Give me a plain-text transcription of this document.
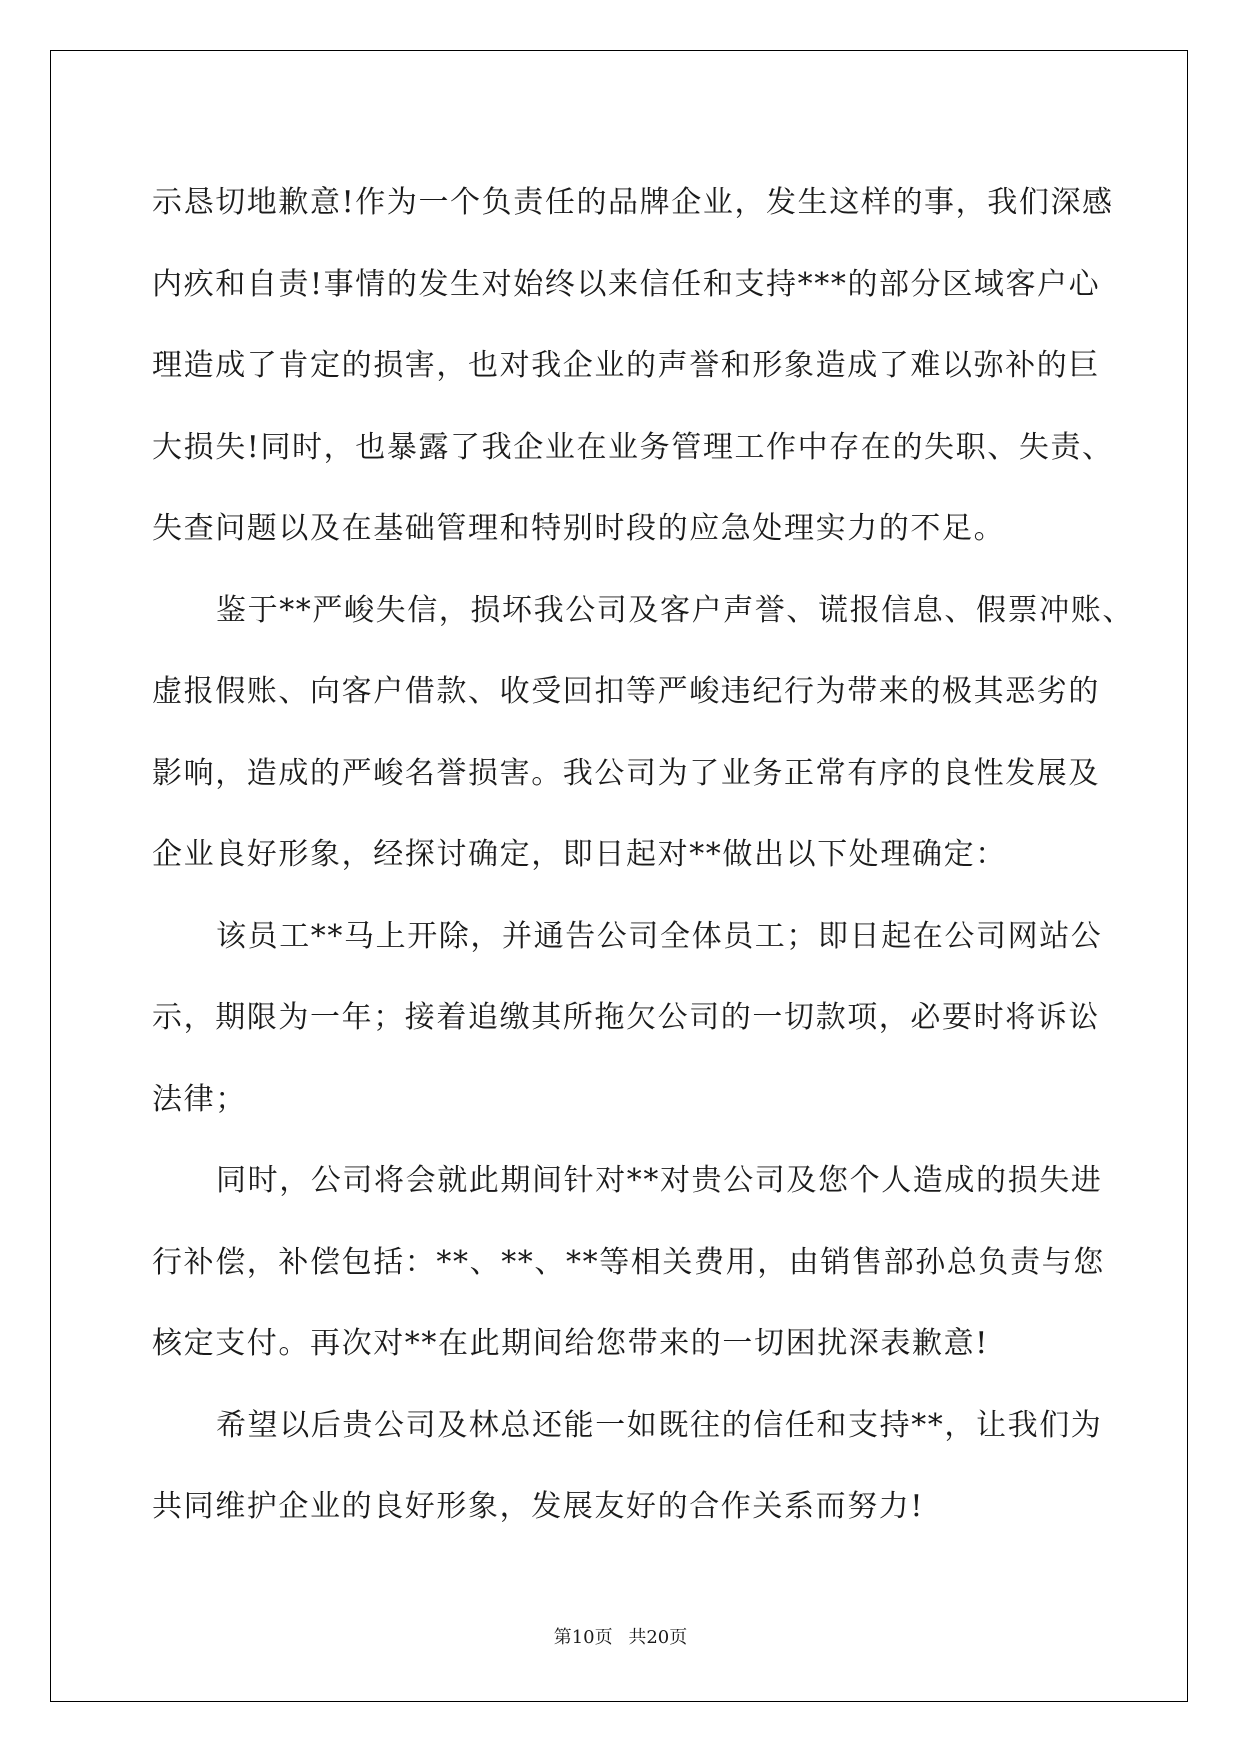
示恳切地歉意!作为一个负责任的品牌企业，发生这样的事，我们深感
内疚和自责!事情的发生对始终以来信任和支持***的部分区域客户心
理造成了肯定的损害，也对我企业的声誉和形象造成了难以弥补的巨
大损失!同时，也暴露了我企业在业务管理工作中存在的失职、失责、
失查问题以及在基础管理和特别时段的应急处理实力的不足。
鉴于**严峻失信，损坏我公司及客户声誉、谎报信息、假票冲账、
虚报假账、向客户借款、收受回扣等严峻违纪行为带来的极其恶劣的
影响，造成的严峻名誉损害。我公司为了业务正常有序的良性发展及
企业良好形象，经探讨确定，即日起对**做出以下处理确定：
该员工**马上开除，并通告公司全体员工；即日起在公司网站公
示，期限为一年；接着追缴其所拖欠公司的一切款项，必要时将诉讼
法律；
同时，公司将会就此期间针对**对贵公司及您个人造成的损失进
行补偿，补偿包括：**、**、**等相关费用，由销售部孙总负责与您
核定支付。再次对**在此期间给您带来的一切困扰深表歉意!
希望以后贵公司及林总还能一如既往的信任和支持**，让我们为
共同维护企业的良好形象，发展友好的合作关系而努力!
第10页 共20页
